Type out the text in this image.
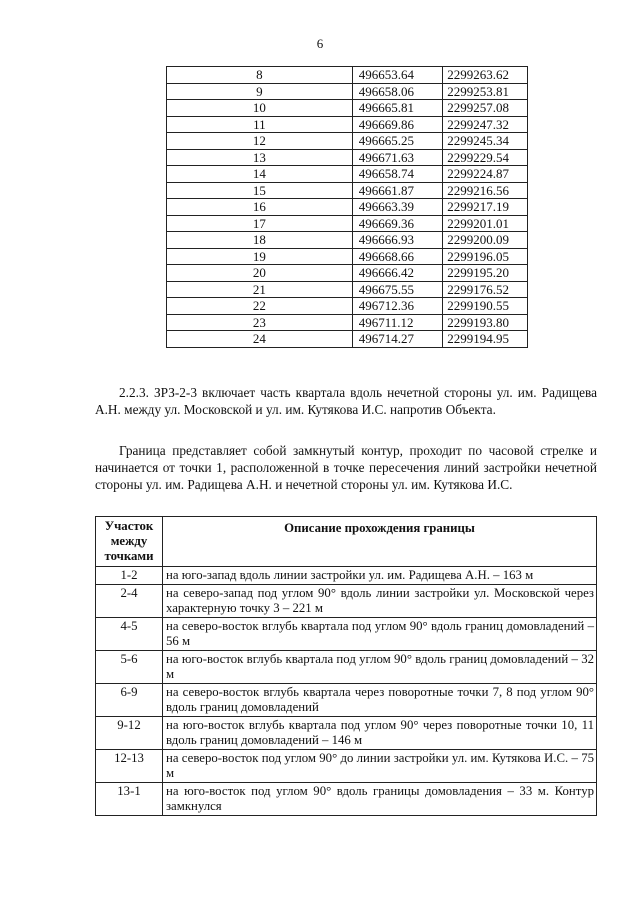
6
8	496653.64	2299263.62
9	496658.06	2299253.81
10	496665.81	2299257.08
11	496669.86	2299247.32
12	496665.25	2299245.34
13	496671.63	2299229.54
14	496658.74	2299224.87
15	496661.87	2299216.56
16	496663.39	2299217.19
17	496669.36	2299201.01
18	496666.93	2299200.09
19	496668.66	2299196.05
20	496666.42	2299195.20
21	496675.55	2299176.52
22	496712.36	2299190.55
23	496711.12	2299193.80
24	496714.27	2299194.95

2.2.3. ЗРЗ-2-3 включает часть квартала вдоль нечетной стороны ул. им. Радищева А.Н. между ул. Московской и ул. им. Кутякова И.С. напротив Объекта.

Граница представляет собой замкнутый контур, проходит по часовой стрелке и начинается от точки 1, расположенной в точке пересечения линий застройки нечетной стороны ул. им. Радищева А.Н. и нечетной стороны ул. им. Кутякова И.С.

Участок между точками	Описание прохождения границы
1-2	на юго-запад вдоль линии застройки ул. им. Радищева А.Н. – 163 м
2-4	на северо-запад под углом 90° вдоль линии застройки ул. Московской через характерную точку 3 – 221 м
4-5	на северо-восток вглубь квартала под углом 90° вдоль границ домовладений – 56 м
5-6	на юго-восток вглубь квартала под углом 90° вдоль границ домовладений – 32 м
6-9	на северо-восток вглубь квартала через поворотные точки 7, 8 под углом 90° вдоль границ домовладений
9-12	на юго-восток вглубь квартала под углом 90° через поворотные точки 10, 11 вдоль границ домовладений – 146 м
12-13	на северо-восток под углом 90° до линии застройки ул. им. Кутякова И.С. – 75 м
13-1	на юго-восток под углом 90° вдоль границы домовладения – 33 м. Контур замкнулся
